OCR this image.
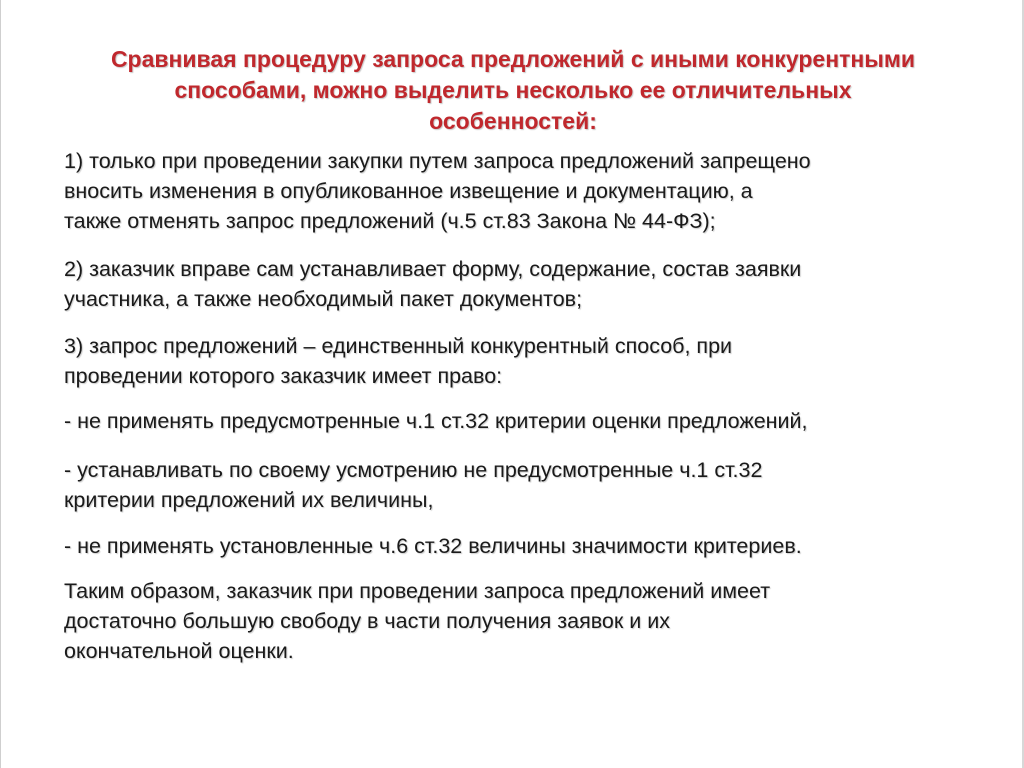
Сравнивая процедуру запроса предложений с иными конкурентными
способами, можно выделить несколько ее отличительных
особенностей:

1) только при проведении закупки путем запроса предложений запрещено
вносить изменения в опубликованное извещение и документацию, а
также отменять запрос предложений (ч.5 ст.83 Закона № 44-ФЗ);

2) заказчик вправе сам устанавливает форму, содержание, состав заявки
участника, а также необходимый пакет документов;

3) запрос предложений – единственный конкурентный способ, при
проведении которого заказчик имеет право:

- не применять предусмотренные ч.1 ст.32 критерии оценки предложений,

- устанавливать по своему усмотрению не предусмотренные ч.1 ст.32
критерии предложений их величины,

- не применять установленные ч.6 ст.32 величины значимости критериев.

Таким образом, заказчик при проведении запроса предложений имеет
достаточно большую свободу в части получения заявок и их
окончательной оценки.
